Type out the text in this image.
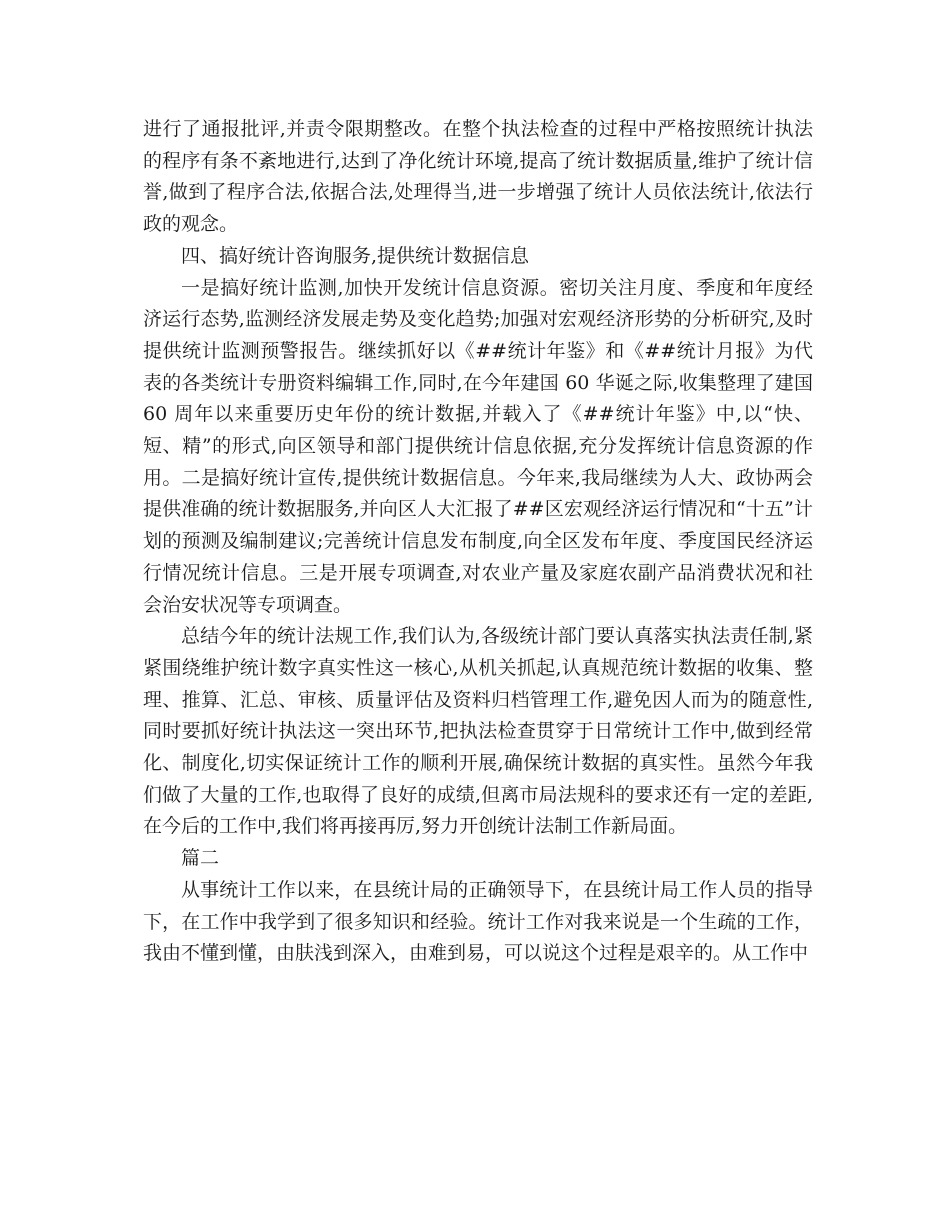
进行了通报批评,并责令限期整改。在整个执法检查的过程中严格按照统计执法的程序有条不紊地进行,达到了净化统计环境,提高了统计数据质量,维护了统计信誉,做到了程序合法,依据合法,处理得当,进一步增强了统计人员依法统计,依法行政的观念。

四、搞好统计咨询服务,提供统计数据信息

一是搞好统计监测,加快开发统计信息资源。密切关注月度、季度和年度经济运行态势,监测经济发展走势及变化趋势;加强对宏观经济形势的分析研究,及时提供统计监测预警报告。继续抓好以《##统计年鉴》和《##统计月报》为代表的各类统计专册资料编辑工作,同时,在今年建国 60 华诞之际,收集整理了建国 60 周年以来重要历史年份的统计数据,并载入了《##统计年鉴》中,以“快、短、精”的形式,向区领导和部门提供统计信息依据,充分发挥统计信息资源的作用。二是搞好统计宣传,提供统计数据信息。今年来,我局继续为人大、政协两会提供准确的统计数据服务,并向区人大汇报了##区宏观经济运行情况和“十五”计划的预测及编制建议;完善统计信息发布制度,向全区发布年度、季度国民经济运行情况统计信息。三是开展专项调查,对农业产量及家庭农副产品消费状况和社会治安状况等专项调查。

总结今年的统计法规工作,我们认为,各级统计部门要认真落实执法责任制,紧紧围绕维护统计数字真实性这一核心,从机关抓起,认真规范统计数据的收集、整理、推算、汇总、审核、质量评估及资料归档管理工作,避免因人而为的随意性,同时要抓好统计执法这一突出环节,把执法检查贯穿于日常统计工作中,做到经常化、制度化,切实保证统计工作的顺利开展,确保统计数据的真实性。虽然今年我们做了大量的工作,也取得了良好的成绩,但离市局法规科的要求还有一定的差距,在今后的工作中,我们将再接再厉,努力开创统计法制工作新局面。

篇二

从事统计工作以来，在县统计局的正确领导下，在县统计局工作人员的指导下，在工作中我学到了很多知识和经验。统计工作对我来说是一个生疏的工作，我由不懂到懂，由肤浅到深入，由难到易，可以说这个过程是艰辛的。从工作中
